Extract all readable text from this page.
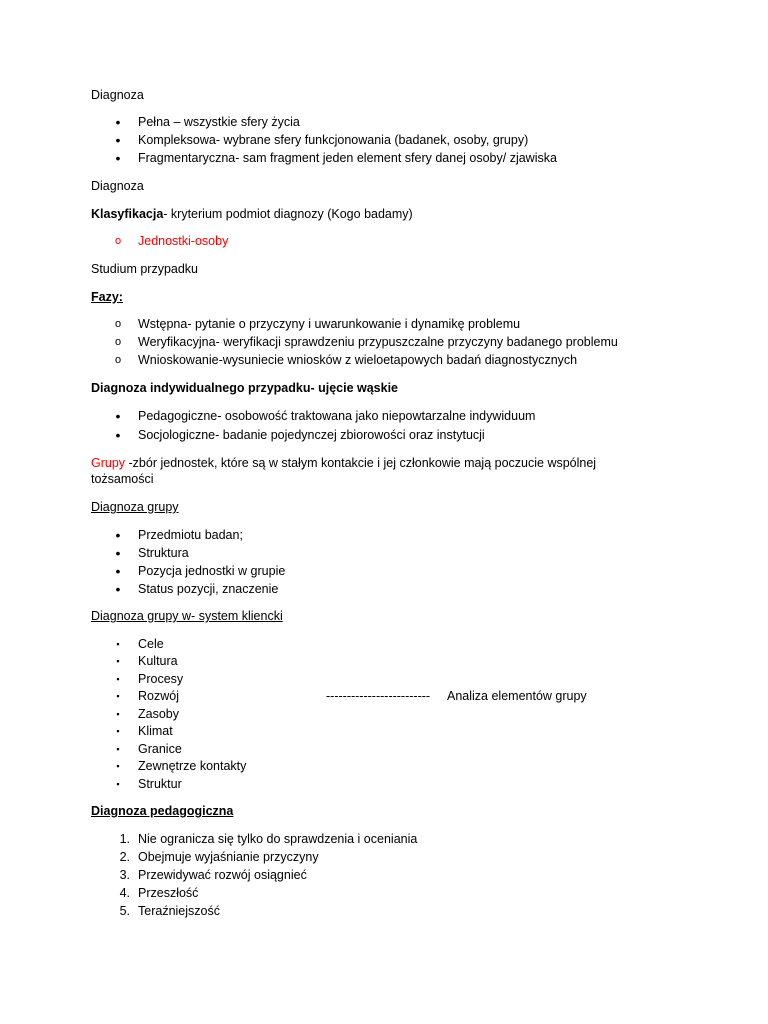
Diagnoza
• Pełna – wszystkie sfery życia
• Kompleksowa- wybrane sfery funkcjonowania (badanek, osoby, grupy)
• Fragmentaryczna- sam fragment jeden element sfery danej osoby/ zjawiska
Diagnoza
Klasyfikacja- kryterium podmiot diagnozy (Kogo badamy)
o Jednostki-osoby
Studium przypadku
Fazy:
o Wstępna- pytanie o przyczyny i uwarunkowanie i dynamikę problemu
o Weryfikacyjna- weryfikacji sprawdzeniu przypuszczalne przyczyny badanego problemu
o Wnioskowanie-wysuniecie wniosków z wieloetapowych badań diagnostycznych
Diagnoza indywidualnego przypadku- ujęcie wąskie
• Pedagogiczne- osobowość traktowana jako niepowtarzalne indywiduum
• Socjologiczne- badanie pojedynczej zbiorowości oraz instytucji
Grupy -zbór jednostek, które są w stałym kontakcie i jej członkowie mają poczucie wspólnej tożsamości
Diagnoza grupy
• Przedmiotu badan;
• Struktura
• Pozycja jednostki w grupie
• Status pozycji, znaczenie
Diagnoza grupy w- system kliencki
▪	Cele
▪	Kultura
▪	Procesy
▪	Rozwój	------------------------- Analiza elementów grupy
▪	Zasoby
▪	Klimat
▪	Granice
▪	Zewnętrze kontakty
▪	Struktur
Diagnoza pedagogiczna
1. Nie ogranicza się tylko do sprawdzenia i oceniania
2. Obejmuje wyjaśnianie przyczyny
3. Przewidywać rozwój osiągnieć
4. Przeszłość
5. Teraźniejszość
